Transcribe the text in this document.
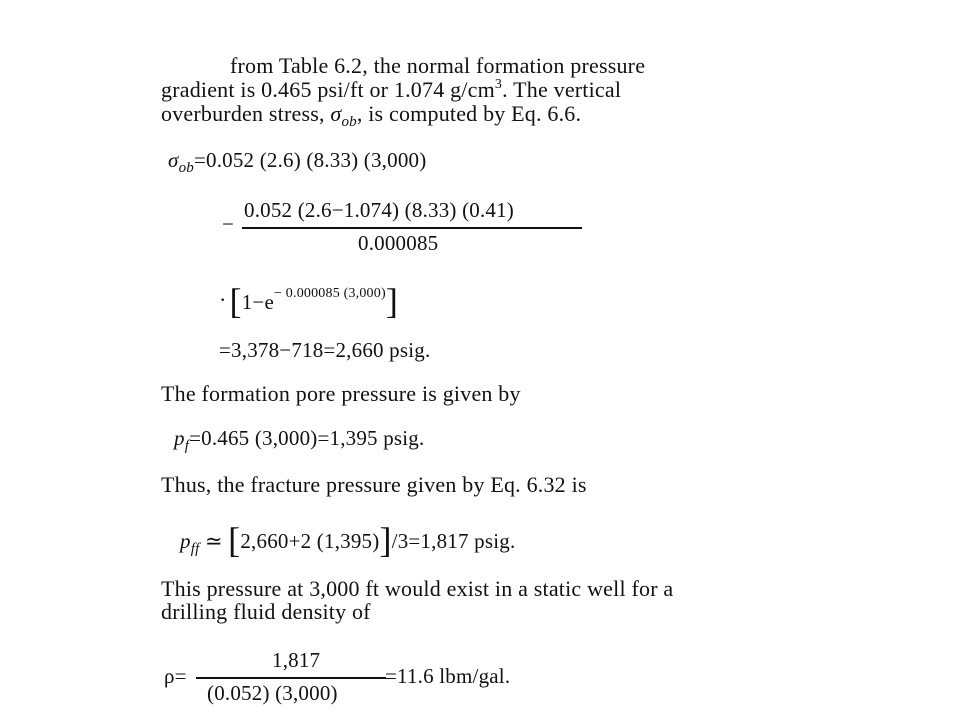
from Table 6.2, the normal formation pressure
gradient is 0.465 psi/ft or 1.074 $g/cm^3$. The vertical
overburden stress, $\sigma_{ob}$, is computed by Eq. 6.6.
$\sigma_{ob}=0.052$ (2.6) (8.33) (3,000)
−
0.052 (2.6−1.074) (8.33) (0.41)
0.000085
$\cdot[1-e^{- 0.000085 (3,000)}]$
=3,378−718=2,660 psig.
The formation pore pressure is given by
$p_f=0.465$ (3,000)=1,395 psig.
Thus, the fracture pressure given by Eq. 6.32 is
$p_{ff}$ ≃ [2,660+2 (1,395)]/3=1,817 psig.
This pressure at 3,000 ft would exist in a static well for a
drilling fluid density of
1,817
ρ=	=11.6 lbm/gal.
(0.052) (3,000)
